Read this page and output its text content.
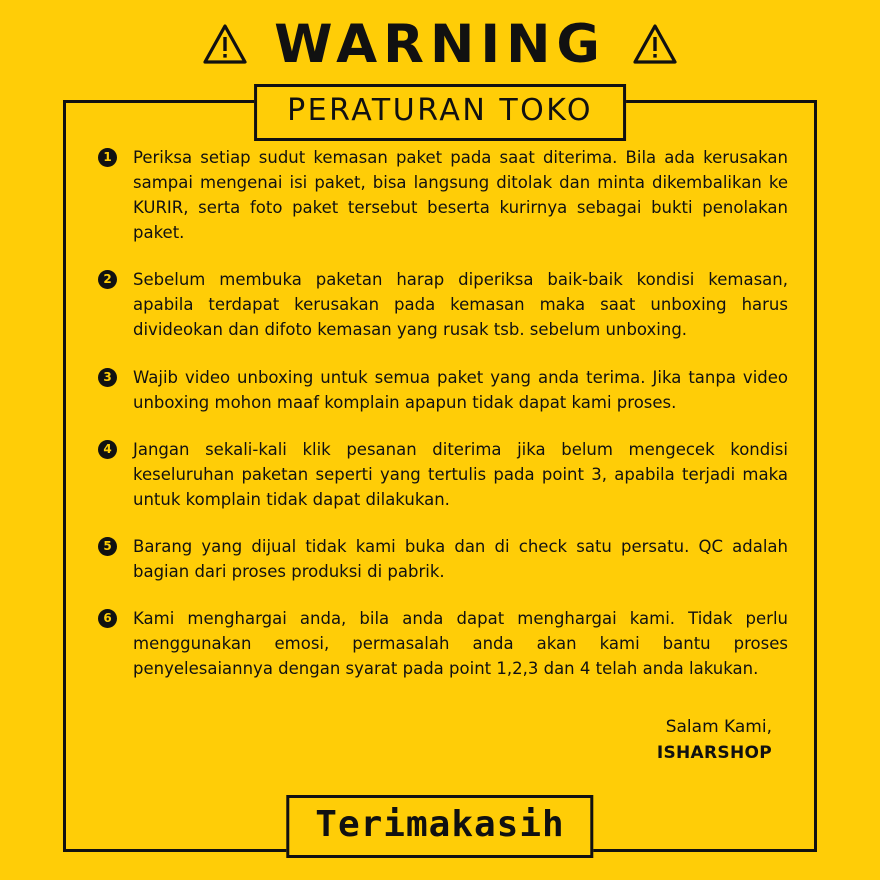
WARNING
PERATURAN TOKO
1	Periksa setiap sudut kemasan paket pada saat diterima. Bila ada kerusakan sampai mengenai isi paket, bisa langsung ditolak dan minta dikembalikan ke KURIR, serta foto paket tersebut beserta kurirnya sebagai bukti penolakan paket.
2	Sebelum membuka paketan harap diperiksa baik-baik kondisi kemasan, apabila terdapat kerusakan pada kemasan maka saat unboxing harus divideokan dan difoto kemasan yang rusak tsb. sebelum unboxing.
3	Wajib video unboxing untuk semua paket yang anda terima. Jika tanpa video unboxing mohon maaf komplain apapun tidak dapat kami proses.
4	Jangan sekali-kali klik pesanan diterima jika belum mengecek kondisi keseluruhan paketan seperti yang tertulis pada point 3, apabila terjadi maka untuk komplain tidak dapat dilakukan.
5	Barang yang dijual tidak kami buka dan di check satu persatu. QC adalah bagian dari proses produksi di pabrik.
6	Kami menghargai anda, bila anda dapat menghargai kami. Tidak perlu menggunakan emosi, permasalah anda akan kami bantu proses penyelesaiannya dengan syarat pada point 1,2,3 dan 4 telah anda lakukan.
Salam Kami,
ISHARSHOP
Terimakasih
